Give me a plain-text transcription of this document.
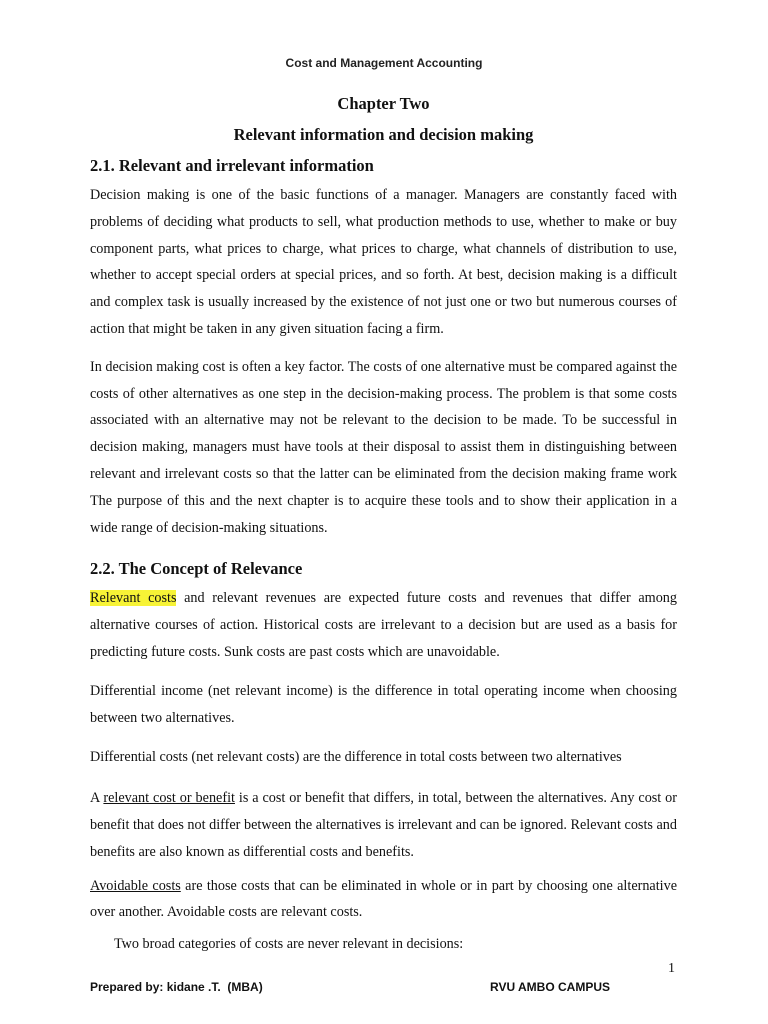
Cost and Management Accounting
Chapter Two
Relevant information and decision making
2.1. Relevant and irrelevant information

Decision making is one of the basic functions of a manager. Managers are constantly faced with problems of deciding what products to sell, what production methods to use, whether to make or buy component parts, what prices to charge, what prices to charge, what channels of distribution to use, whether to accept special orders at special prices, and so forth. At best, decision making is a difficult and complex task is usually increased by the existence of not just one or two but numerous courses of action that might be taken in any given situation facing a firm.

In decision making cost is often a key factor. The costs of one alternative must be compared against the costs of other alternatives as one step in the decision-making process. The problem is that some costs associated with an alternative may not be relevant to the decision to be made. To be successful in decision making, managers must have tools at their disposal to assist them in distinguishing between relevant and irrelevant costs so that the latter can be eliminated from the decision making frame work The purpose of this and the next chapter is to acquire these tools and to show their application in a wide range of decision-making situations.

2.2. The Concept of Relevance

Relevant costs and relevant revenues are expected future costs and revenues that differ among alternative courses of action. Historical costs are irrelevant to a decision but are used as a basis for predicting future costs. Sunk costs are past costs which are unavoidable.

Differential income (net relevant income) is the difference in total operating income when choosing between two alternatives.

Differential costs (net relevant costs) are the difference in total costs between two alternatives

A relevant cost or benefit is a cost or benefit that differs, in total, between the alternatives. Any cost or benefit that does not differ between the alternatives is irrelevant and can be ignored. Relevant costs and benefits are also known as differential costs and benefits.

Avoidable costs are those costs that can be eliminated in whole or in part by choosing one alternative over another. Avoidable costs are relevant costs.

Two broad categories of costs are never relevant in decisions:

1
Prepared by: kidane .T.  (MBA)	RVU AMBO CAMPUS
